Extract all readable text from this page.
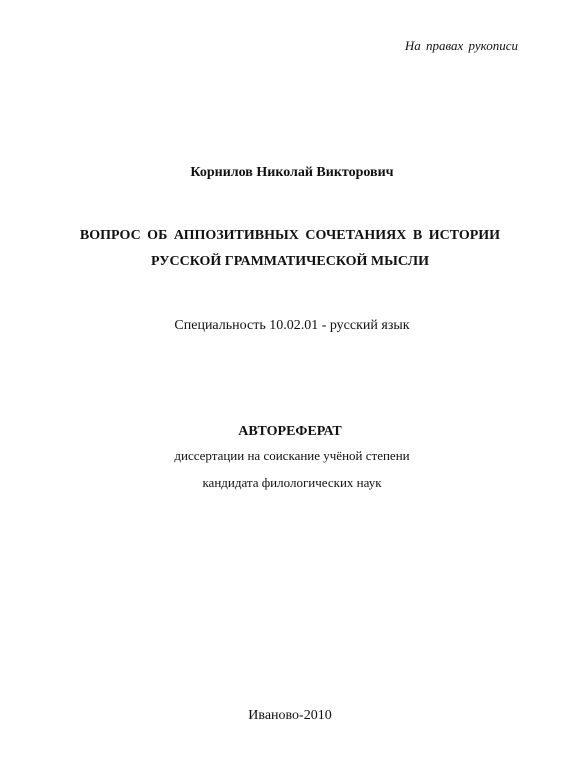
На правах рукописи
Корнилов Николай Викторович
ВОПРОС ОБ АППОЗИТИВНЫХ СОЧЕТАНИЯХ В ИСТОРИИ
РУССКОЙ ГРАММАТИЧЕСКОЙ МЫСЛИ
Специальность 10.02.01 - русский язык
АВТОРЕФЕРАТ
диссертации на соискание учёной степени
кандидата филологических наук
Иваново-2010
